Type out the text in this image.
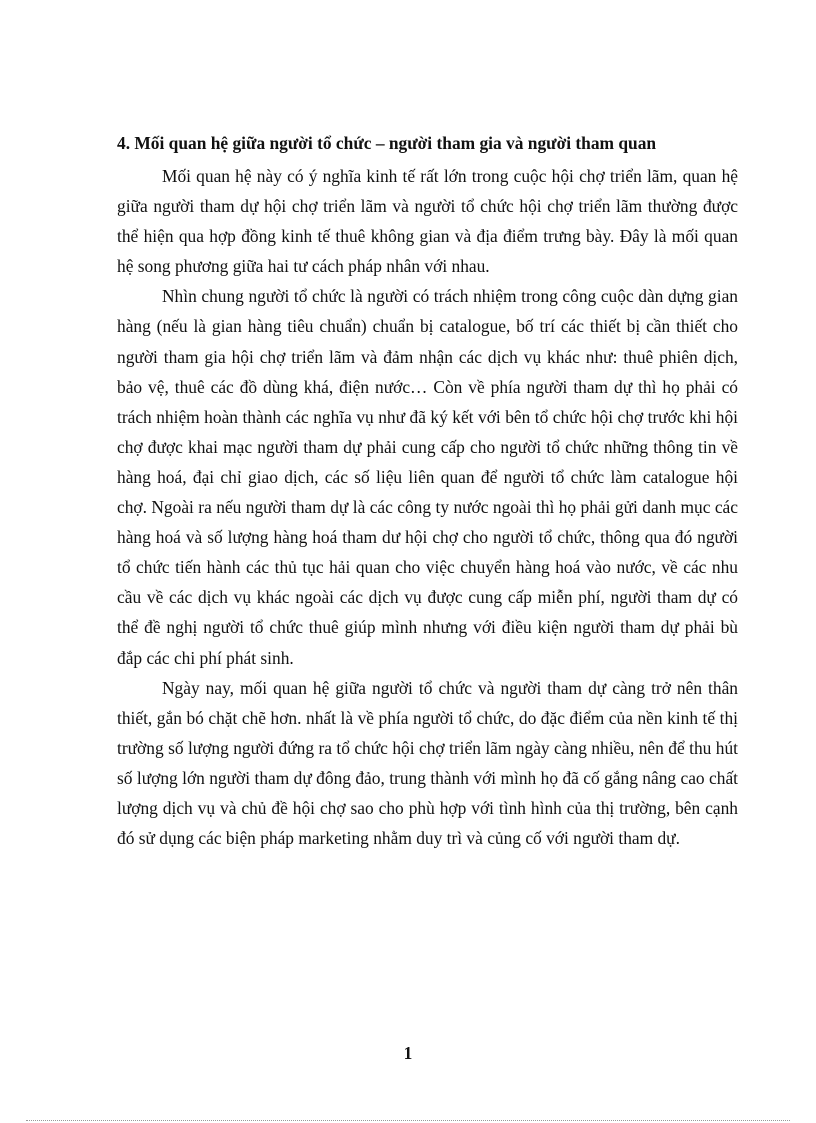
4. Mối quan hệ giữa người tổ chức – người tham gia và người tham quan

Mối quan hệ này có ý nghĩa kinh tế rất lớn trong cuộc hội chợ triển lãm, quan hệ giữa người tham dự hội chợ triển lãm và người tổ chức hội chợ triển lãm thường được thể hiện qua hợp đồng kinh tế thuê không gian và địa điểm trưng bày. Đây là mối quan hệ song phương giữa hai tư cách pháp nhân với nhau.

Nhìn chung người tổ chức là người có trách nhiệm trong công cuộc dàn dựng gian hàng (nếu là gian hàng tiêu chuẩn) chuẩn bị catalogue, bố trí các thiết bị cần thiết cho người tham gia hội chợ triển lãm và đảm nhận các dịch vụ khác như: thuê phiên dịch, bảo vệ, thuê các đồ dùng khá, điện nước… Còn về phía người tham dự thì họ phải có trách nhiệm hoàn thành các nghĩa vụ như đã ký kết với bên tổ chức hội chợ trước khi hội chợ được khai mạc người tham dự phải cung cấp cho người tổ chức những thông tin về hàng hoá, đại chỉ giao dịch, các số liệu liên quan để người tổ chức làm catalogue hội chợ. Ngoài ra nếu người tham dự là các công ty nước ngoài thì họ phải gửi danh mục các hàng hoá và số lượng hàng hoá tham dư hội chợ cho người tổ chức, thông qua đó người tổ chức tiến hành các thủ tục hải quan cho việc chuyển hàng hoá vào nước, về các nhu cầu về các dịch vụ khác ngoài các dịch vụ được cung cấp miễn phí, người tham dự có thể đề nghị người tổ chức thuê giúp mình nhưng với điều kiện người tham dự phải bù đắp các chi phí phát sinh.

Ngày nay, mối quan hệ giữa người tổ chức và người tham dự càng trở nên thân thiết, gắn bó chặt chẽ hơn. nhất là về phía người tổ chức, do đặc điểm của nền kinh tế thị trường số lượng người đứng ra tổ chức hội chợ triển lãm ngày càng nhiều, nên để thu hút số lượng lớn người tham dự đông đảo, trung thành với mình họ đã cố gắng nâng cao chất lượng dịch vụ và chủ đề hội chợ sao cho phù hợp với tình hình của thị trường, bên cạnh đó sử dụng các biện pháp marketing nhằm duy trì và củng cố với người tham dự.

1
